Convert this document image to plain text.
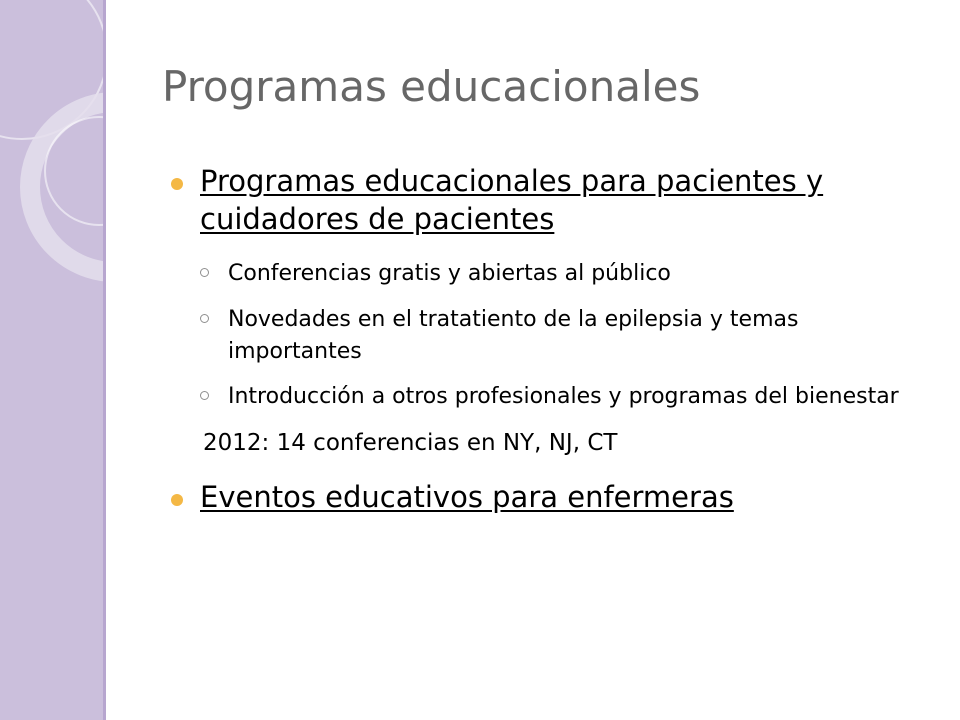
Programas educacionales
Programas educacionales para pacientes y cuidadores de pacientes
Conferencias gratis y abiertas al público
Novedades en el tratatiento de la epilepsia y temas importantes
Introducción a otros profesionales y programas del bienestar
2012: 14 conferencias en NY, NJ, CT
Eventos educativos para enfermeras
